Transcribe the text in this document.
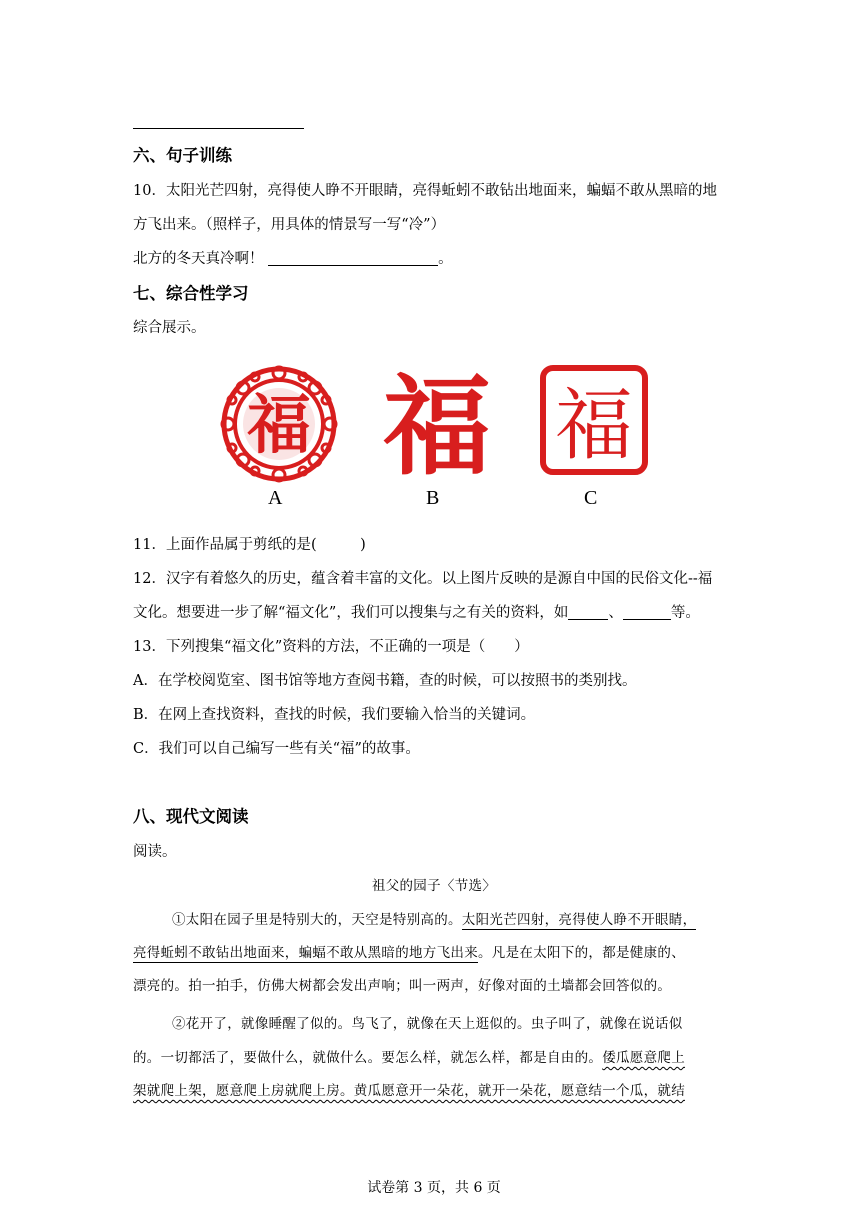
六、句子训练
10．太阳光芒四射，亮得使人睁不开眼睛，亮得蚯蚓不敢钻出地面来，蝙蝠不敢从黑暗的地
方飞出来。（照样子，用具体的情景写一写“冷”）
北方的冬天真冷啊！	。
七、综合性学习
综合展示。
福
A
福
B
福
C
11．上面作品属于剪纸的是(　　　)
12．汉字有着悠久的历史，蕴含着丰富的文化。以上图片反映的是源自中国的民俗文化--福
文化。想要进一步了解“福文化”，我们可以搜集与之有关的资料，如	、	等。
13．下列搜集“福文化”资料的方法，不正确的一项是（　　）
A．在学校阅览室、图书馆等地方查阅书籍，查的时候，可以按照书的类别找。
B．在网上查找资料，查找的时候，我们要输入恰当的关键词。
C．我们可以自己编写一些有关“福”的故事。
八、现代文阅读
阅读。
祖父的园子〈节选〉
①太阳在园子里是特别大的，天空是特别高的。太阳光芒四射，亮得使人睁不开眼睛，
亮得蚯蚓不敢钻出地面来，蝙蝠不敢从黑暗的地方飞出来。凡是在太阳下的，都是健康的、
漂亮的。拍一拍手，仿佛大树都会发出声响；叫一两声，好像对面的土墙都会回答似的。
②花开了，就像睡醒了似的。鸟飞了，就像在天上逛似的。虫子叫了，就像在说话似
的。一切都活了，要做什么，就做什么。要怎么样，就怎么样，都是自由的。倭瓜愿意爬上
架就爬上架，愿意爬上房就爬上房。黄瓜愿意开一朵花，就开一朵花，愿意结一个瓜，就结
试卷第 3 页，共 6 页
